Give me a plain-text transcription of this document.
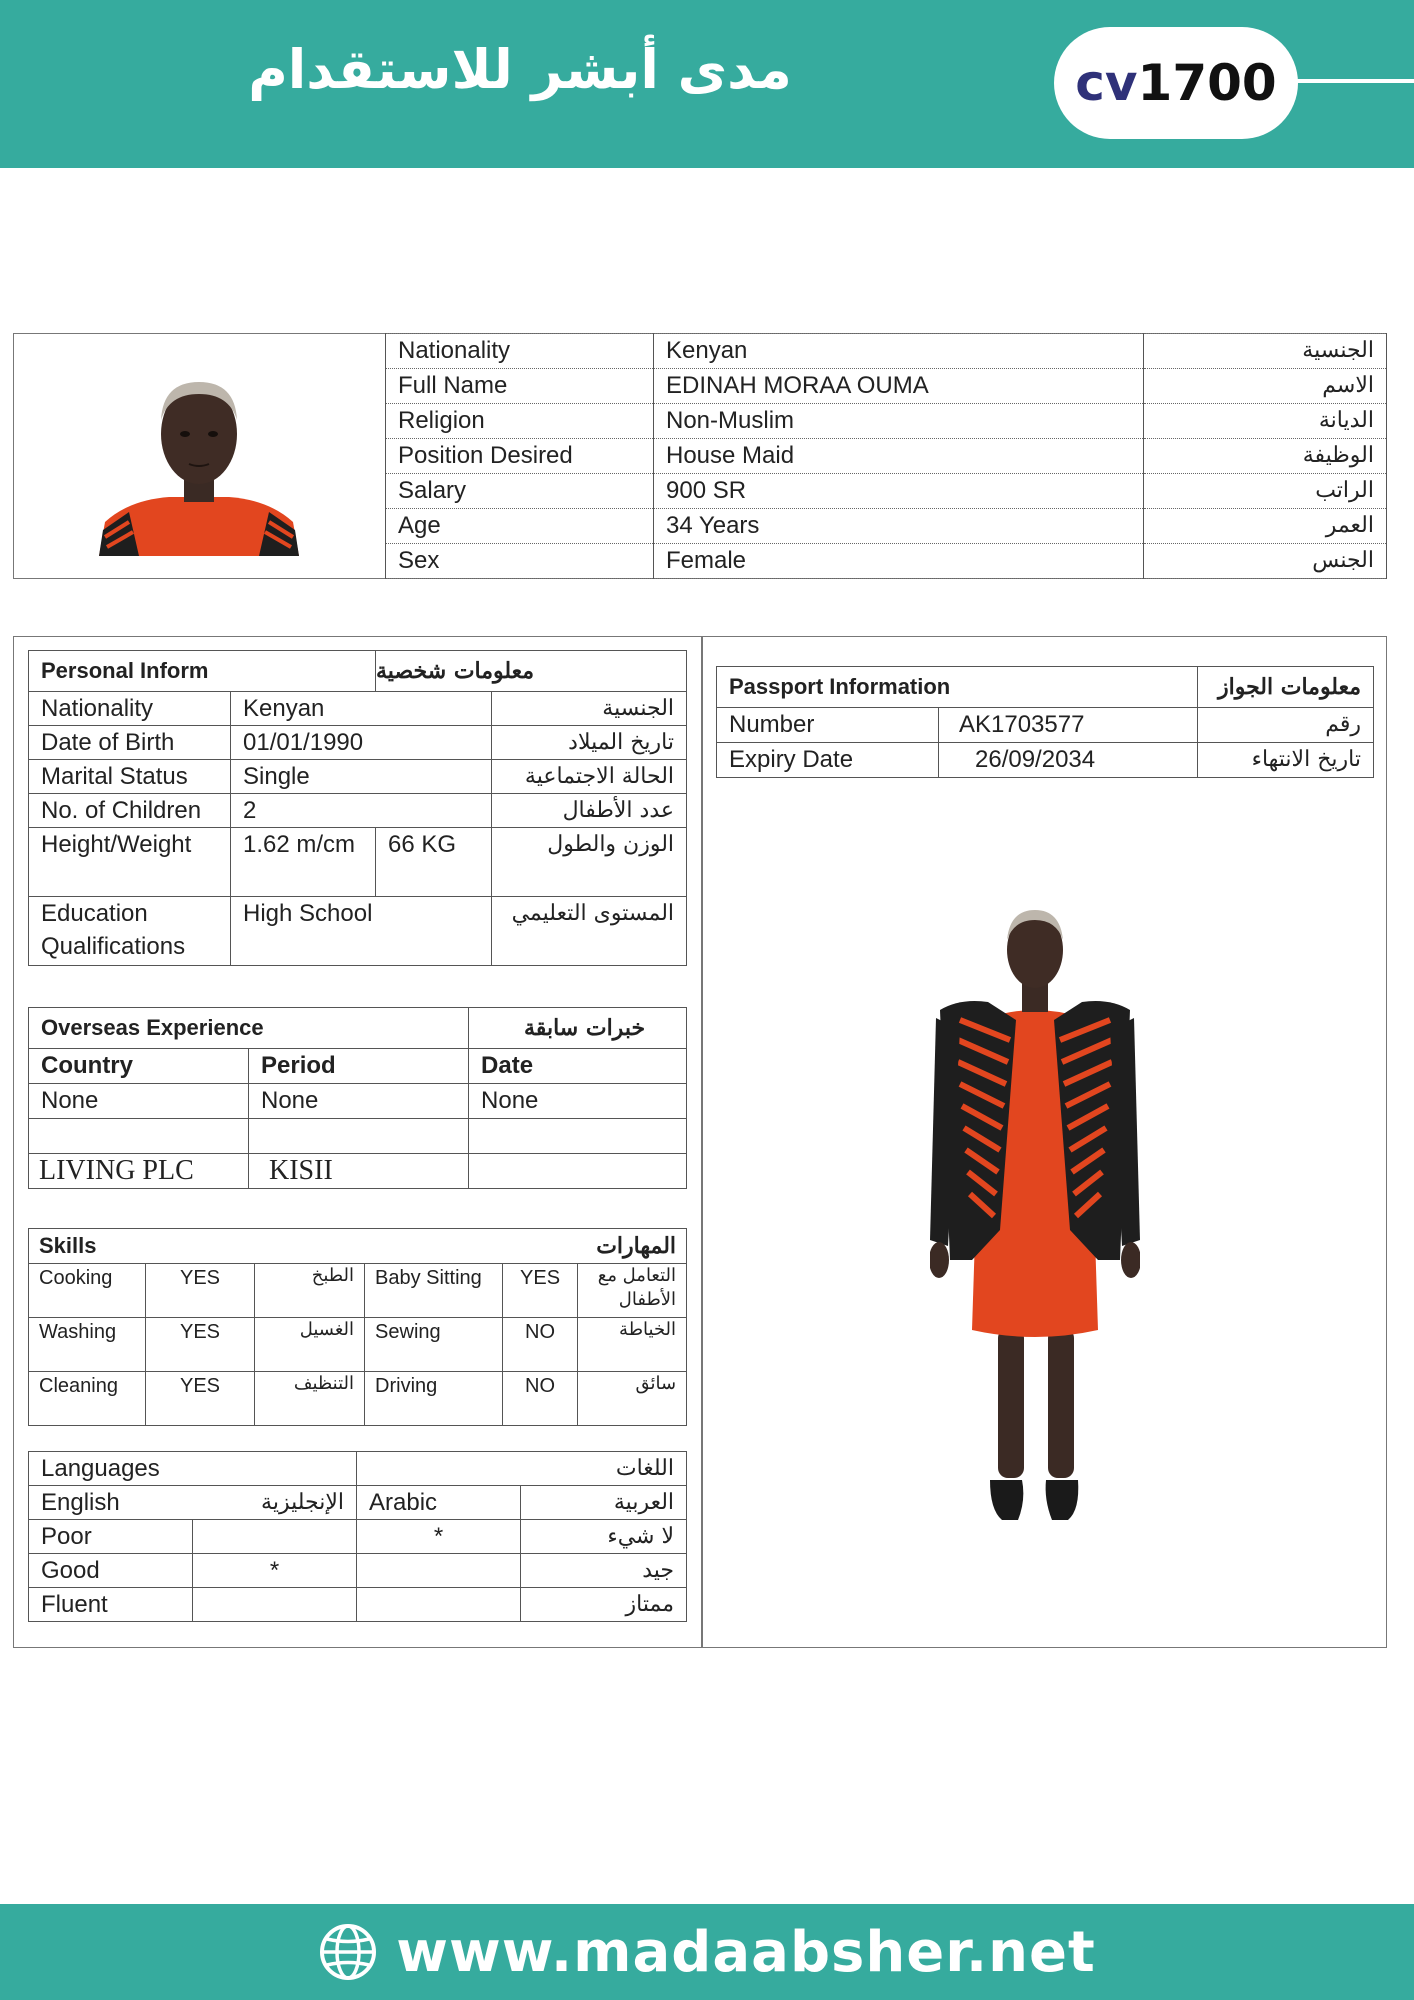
مدى أبشر للاستقدام	cv 1700
Nationality	Kenyan	الجنسية
Full Name	EDINAH MORAA OUMA	الاسم
Religion	Non-Muslim	الديانة
Position Desired	House Maid	الوظيفة
Salary	900 SR	الراتب
Age	34 Years	العمر
Sex	Female	الجنس
Personal Inform		معلومات شخصية	
Nationality	Kenyan		الجنسية
Date of Birth	01/01/1990		تاريخ الميلاد
Marital Status	Single		الحالة الاجتماعية
No. of Children	2		عدد الأطفال
Height/Weight	1.62 m/cm	66 KG	الوزن والطول
Education Qualifications	High School		المستوى التعليمي
Overseas Experience		خبرات سابقة
Country	Period	Date
None	None	None

LIVING PLC	KISII	
Skills			المهارات		
Cooking	YES	الطبخ	Baby Sitting	YES	التعامل مع الأطفال
Washing	YES	الغسيل	Sewing	NO	الخياطة
Cleaning	YES	التنظيف	Driving	NO	سائق
Languages		اللغات	
English	الإنجليزية	Arabic	العربية
Poor		*	لا شيء
Good	*		جيد
Fluent			ممتاز
Passport Information		معلومات الجواز
Number	AK1703577	رقم
Expiry Date	26/09/2034	تاريخ الانتهاء
www.madaabsher.net
